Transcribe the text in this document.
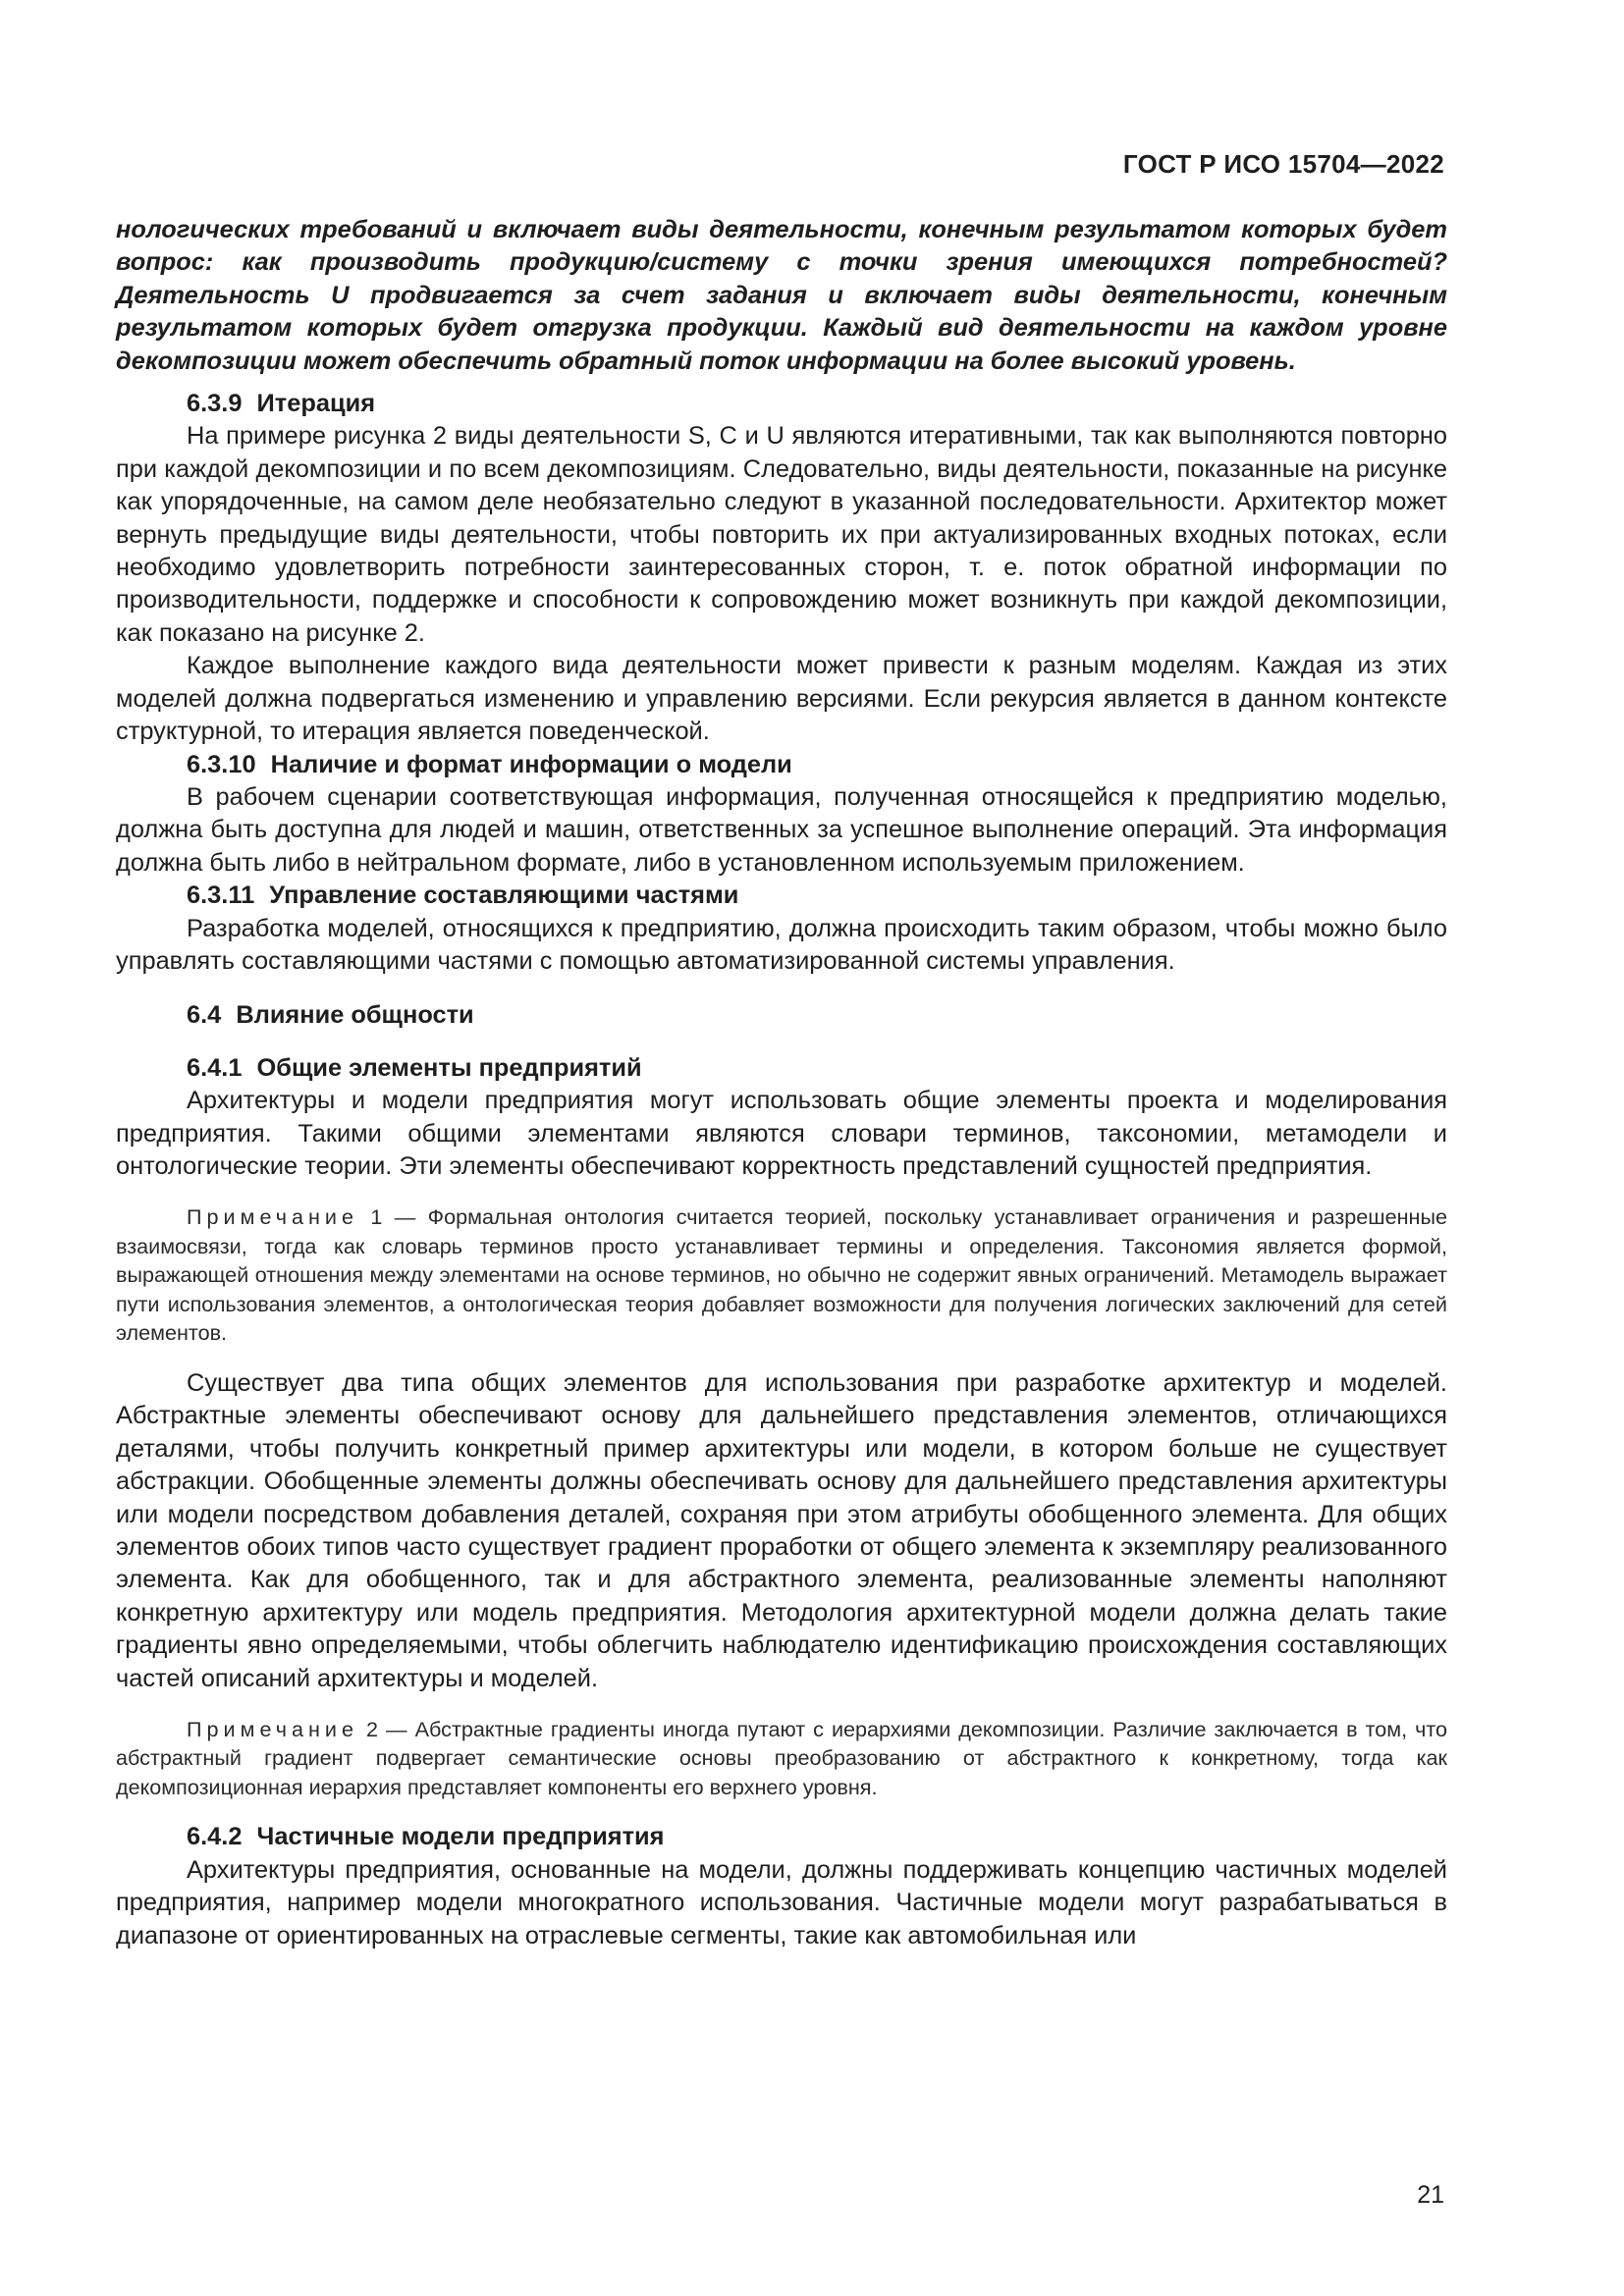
ГОСТ Р ИСО 15704—2022

нологических требований и включает виды деятельности, конечным результатом которых будет вопрос: как производить продукцию/систему с точки зрения имеющихся потребностей? Деятельность U продвигается за счет задания и включает виды деятельности, конечным результатом которых будет отгрузка продукции. Каждый вид деятельности на каждом уровне декомпозиции может обеспечить обратный поток информации на более высокий уровень.

6.3.9 Итерация

На примере рисунка 2 виды деятельности S, C и U являются итеративными, так как выполняются повторно при каждой декомпозиции и по всем декомпозициям. Следовательно, виды деятельности, показанные на рисунке как упорядоченные, на самом деле необязательно следуют в указанной последовательности. Архитектор может вернуть предыдущие виды деятельности, чтобы повторить их при актуализированных входных потоках, если необходимо удовлетворить потребности заинтересованных сторон, т. е. поток обратной информации по производительности, поддержке и способности к сопровождению может возникнуть при каждой декомпозиции, как показано на рисунке 2.

Каждое выполнение каждого вида деятельности может привести к разным моделям. Каждая из этих моделей должна подвергаться изменению и управлению версиями. Если рекурсия является в данном контексте структурной, то итерация является поведенческой.

6.3.10 Наличие и формат информации о модели

В рабочем сценарии соответствующая информация, полученная относящейся к предприятию моделью, должна быть доступна для людей и машин, ответственных за успешное выполнение операций. Эта информация должна быть либо в нейтральном формате, либо в установленном используемым приложением.

6.3.11 Управление составляющими частями

Разработка моделей, относящихся к предприятию, должна происходить таким образом, чтобы можно было управлять составляющими частями с помощью автоматизированной системы управления.

6.4 Влияние общности
6.4.1 Общие элементы предприятий

Архитектуры и модели предприятия могут использовать общие элементы проекта и моделирования предприятия. Такими общими элементами являются словари терминов, таксономии, метамодели и онтологические теории. Эти элементы обеспечивают корректность представлений сущностей предприятия.

Примечание 1 — Формальная онтология считается теорией, поскольку устанавливает ограничения и разрешенные взаимосвязи, тогда как словарь терминов просто устанавливает термины и определения. Таксономия является формой, выражающей отношения между элементами на основе терминов, но обычно не содержит явных ограничений. Метамодель выражает пути использования элементов, а онтологическая теория добавляет возможности для получения логических заключений для сетей элементов.

Существует два типа общих элементов для использования при разработке архитектур и моделей. Абстрактные элементы обеспечивают основу для дальнейшего представления элементов, отличающихся деталями, чтобы получить конкретный пример архитектуры или модели, в котором больше не существует абстракции. Обобщенные элементы должны обеспечивать основу для дальнейшего представления архитектуры или модели посредством добавления деталей, сохраняя при этом атрибуты обобщенного элемента. Для общих элементов обоих типов часто существует градиент проработки от общего элемента к экземпляру реализованного элемента. Как для обобщенного, так и для абстрактного элемента, реализованные элементы наполняют конкретную архитектуру или модель предприятия. Методология архитектурной модели должна делать такие градиенты явно определяемыми, чтобы облегчить наблюдателю идентификацию происхождения составляющих частей описаний архитектуры и моделей.

Примечание 2 — Абстрактные градиенты иногда путают с иерархиями декомпозиции. Различие заключается в том, что абстрактный градиент подвергает семантические основы преобразованию от абстрактного к конкретному, тогда как декомпозиционная иерархия представляет компоненты его верхнего уровня.

6.4.2 Частичные модели предприятия

Архитектуры предприятия, основанные на модели, должны поддерживать концепцию частичных моделей предприятия, например модели многократного использования. Частичные модели могут разрабатываться в диапазоне от ориентированных на отраслевые сегменты, такие как автомобильная или

21
